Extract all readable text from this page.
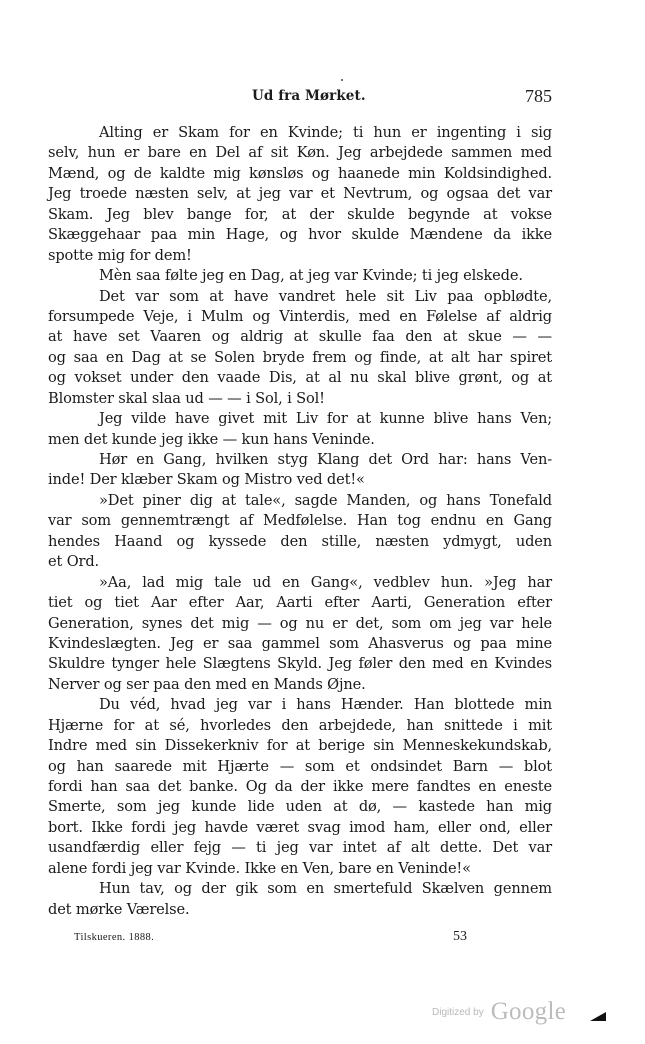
Ud fra Mørket.	785
Alting er Skam for en Kvinde; ti hun er ingenting i sig
selv, hun er bare en Del af sit Køn. Jeg arbejdede sammen med
Mænd, og de kaldte mig kønsløs og haanede min Koldsindighed.
Jeg troede næsten selv, at jeg var et Nevtrum, og ogsaa det var
Skam. Jeg blev bange for, at der skulde begynde at vokse
Skæggehaar paa min Hage, og hvor skulde Mændene da ikke
spotte mig for dem!
Mèn saa følte jeg en Dag, at jeg var Kvinde; ti jeg elskede.
Det var som at have vandret hele sit Liv paa opblødte,
forsumpede Veje, i Mulm og Vinterdis, med en Følelse af aldrig
at have set Vaaren og aldrig at skulle faa den at skue — —
og saa en Dag at se Solen bryde frem og finde, at alt har spiret
og vokset under den vaade Dis, at al nu skal blive grønt, og at
Blomster skal slaa ud — — i Sol, i Sol!
Jeg vilde have givet mit Liv for at kunne blive hans Ven;
men det kunde jeg ikke — kun hans Veninde.
Hør en Gang, hvilken styg Klang det Ord har: hans Ven-
inde! Der klæber Skam og Mistro ved det!«
»Det piner dig at tale«, sagde Manden, og hans Tonefald
var som gennemtrængt af Medfølelse. Han tog endnu en Gang
hendes Haand og kyssede den stille, næsten ydmygt, uden
et Ord.
»Aa, lad mig tale ud en Gang«, vedblev hun. »Jeg har
tiet og tiet Aar efter Aar, Aarti efter Aarti, Generation efter
Generation, synes det mig — og nu er det, som om jeg var hele
Kvindeslægten. Jeg er saa gammel som Ahasverus og paa mine
Skuldre tynger hele Slægtens Skyld. Jeg føler den med en Kvindes
Nerver og ser paa den med en Mands Øjne.
Du véd, hvad jeg var i hans Hænder. Han blottede min
Hjærne for at sé, hvorledes den arbejdede, han snittede i mit
Indre med sin Dissekerkniv for at berige sin Menneskekundskab,
og han saarede mit Hjærte — som et ondsindet Barn — blot
fordi han saa det banke. Og da der ikke mere fandtes en eneste
Smerte, som jeg kunde lide uden at dø, — kastede han mig
bort. Ikke fordi jeg havde været svag imod ham, eller ond, eller
usandfærdig eller fejg — ti jeg var intet af alt dette. Det var
alene fordi jeg var Kvinde. Ikke en Ven, bare en Veninde!«
Hun tav, og der gik som en smertefuld Skælven gennem
det mørke Værelse.
Tilskueren. 1888.	53
$^{Digitized by}$ Google
